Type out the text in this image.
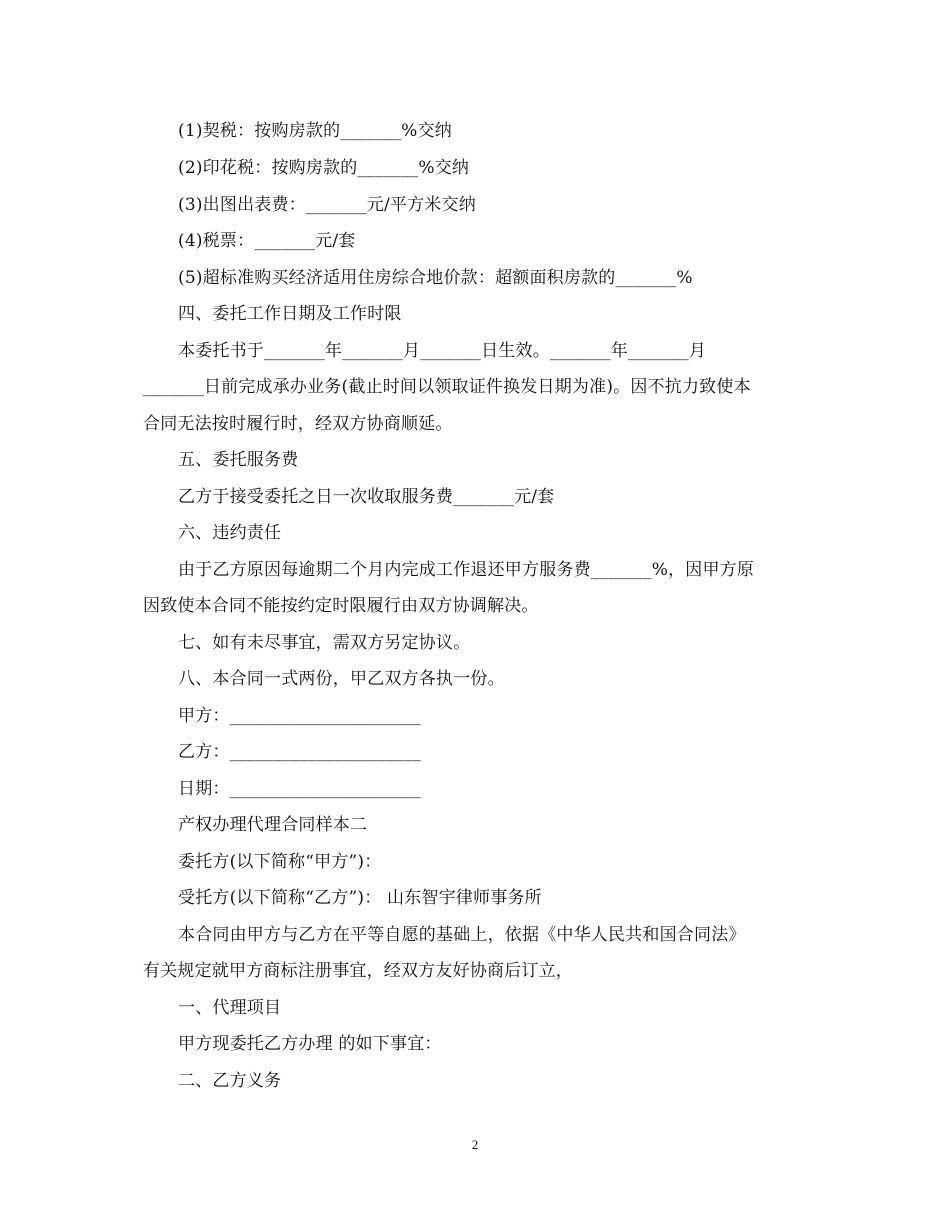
(1)契税：按购房款的_______%交纳
(2)印花税：按购房款的_______%交纳
(3)出图出表费：_______元/平方米交纳
(4)税票：_______元/套
(5)超标准购买经济适用住房综合地价款：超额面积房款的_______%
四、委托工作日期及工作时限
本委托书于_______年_______月_______日生效。_______年_______月
_______日前完成承办业务(截止时间以领取证件换发日期为准)。因不抗力致使本
合同无法按时履行时，经双方协商顺延。
五、委托服务费
乙方于接受委托之日一次收取服务费_______元/套
六、违约责任
由于乙方原因每逾期二个月内完成工作退还甲方服务费_______%，因甲方原
因致使本合同不能按约定时限履行由双方协调解决。
七、如有未尽事宜，需双方另定协议。
八、本合同一式两份，甲乙双方各执一份。
甲方：______________________
乙方：______________________
日期：______________________
产权办理代理合同样本二
委托方(以下简称“甲方”)：
受托方(以下简称“乙方”)： 山东智宇律师事务所
本合同由甲方与乙方在平等自愿的基础上，依据《中华人民共和国合同法》
有关规定就甲方商标注册事宜，经双方友好协商后订立，
一、代理项目
甲方现委托乙方办理 的如下事宜：
二、乙方义务
2
